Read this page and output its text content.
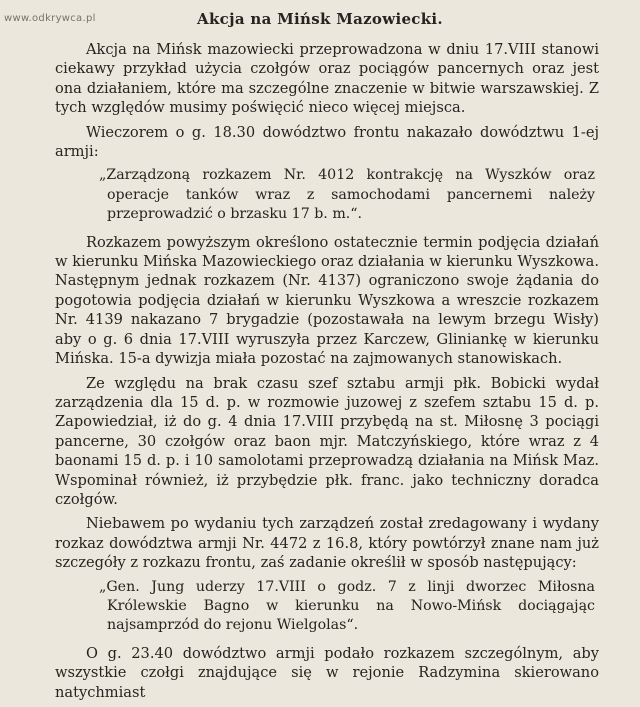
www.odkrywca.pl	Akcja na Mińsk Mazowiecki.

Akcja na Mińsk mazowiecki przeprowadzona w dniu 17.VIII stanowi ciekawy przykład użycia czołgów oraz pociągów pancernych oraz jest ona działaniem, które ma szczególne znaczenie w bitwie warszawskiej. Z tych względów musimy poświęcić nieco więcej miejsca.

Wieczorem o g. 18.30 dowództwo frontu nakazało dowództwu 1-ej armji:

„Zarządzoną rozkazem Nr. 4012 kontrakcję na Wyszków oraz operacje tanków wraz z samochodami pancernemi należy przeprowadzić o brzasku 17 b. m.“.

Rozkazem powyższym określono ostatecznie termin podjęcia działań w kierunku Mińska Mazowieckiego oraz działania w kierunku Wyszkowa. Następnym jednak rozkazem (Nr. 4137) ograniczono swoje żądania do pogotowia podjęcia działań w kierunku Wyszkowa a wreszcie rozkazem Nr. 4139 nakazano 7 brygadzie (pozostawała na lewym brzegu Wisły) aby o g. 6 dnia 17.VIII wyruszyła przez Karczew, Gliniankę w kierunku Mińska. 15-a dywizja miała pozostać na zajmowanych stanowiskach.

Ze względu na brak czasu szef sztabu armji płk. Bobicki wydał zarządzenia dla 15 d. p. w rozmowie juzowej z szefem sztabu 15 d. p. Zapowiedział, iż do g. 4 dnia 17.VIII przybędą na st. Miłosnę 3 pociągi pancerne, 30 czołgów oraz baon mjr. Matczyńskiego, które wraz z 4 baonami 15 d. p. i 10 samolotami przeprowadzą działania na Mińsk Maz. Wspominał również, iż przybędzie płk. franc. jako techniczny doradca czołgów.

Niebawem po wydaniu tych zarządzeń został zredagowany i wydany rozkaz dowództwa armji Nr. 4472 z 16.8, który powtórzył znane nam już szczegóły z rozkazu frontu, zaś zadanie określił w sposób następujący:

„Gen. Jung uderzy 17.VIII o godz. 7 z linji dworzec Miłosna Królewskie Bagno w kierunku na Nowo-Mińsk dociągając najsamprzód do rejonu Wielgolas“.

O g. 23.40 dowództwo armji podało rozkazem szczególnym, aby wszystkie czołgi znajdujące się w rejonie Radzymina skierowano natychmiast
